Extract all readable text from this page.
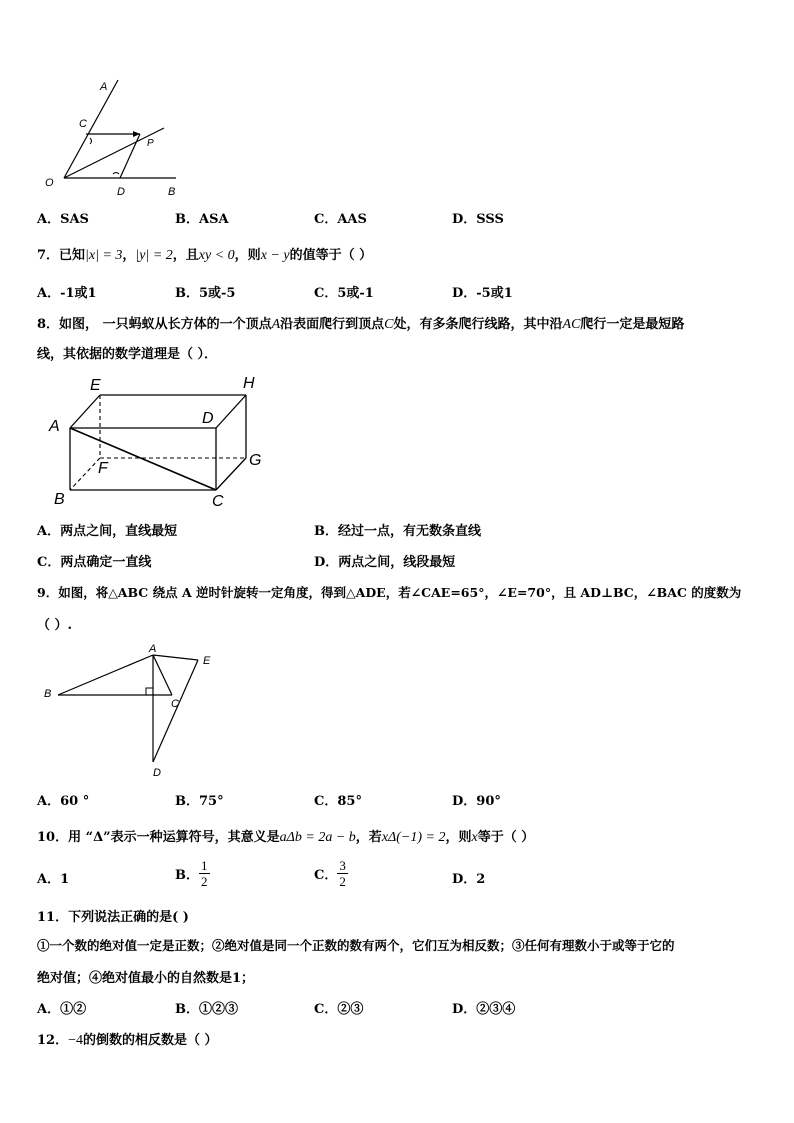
A
C
O
P
D	B
A．SAS	B．ASA	C．AAS	D．SSS
7．已知|x| = 3，|y| = 2，且xy < 0，则x − y的值等于（ ）
A．-1或1	B．5或-5	C．5或-1	D．-5或1
8．如图， 一只蚂蚁从长方体的一个顶点A沿表面爬行到顶点C处，有多条爬行线路，其中沿AC爬行一定是最短路
线，其依据的数学道理是（ ）．
E	H
A	D
G
F
B	C
A．两点之间，直线最短	B．经过一点，有无数条直线
C．两点确定一直线	D．两点之间，线段最短
9．如图，将△ABC 绕点 A 逆时针旋转一定角度，得到△ADE，若∠CAE=65°，∠E=70°，且 AD⊥BC，∠BAC 的度数为
（ ）.
A
E
B
C
D
A．60 °	B．75°	C．85°	D．90°
10．用 “Δ”表示一种运算符号，其意义是aΔb = 2a − b，若xΔ(−1) = 2，则x等于（ ）
A．1	B． $\frac{1}{2}$	C． $\frac{3}{2}$	D．2
11．下列说法正确的是( )
①一个数的绝对值一定是正数；②绝对值是同一个正数的数有两个，它们互为相反数；③任何有理数小于或等于它的
绝对值；④绝对值最小的自然数是1；
A．①②	B．①②③	C．②③	D．②③④
12．−4的倒数的相反数是（ ）
